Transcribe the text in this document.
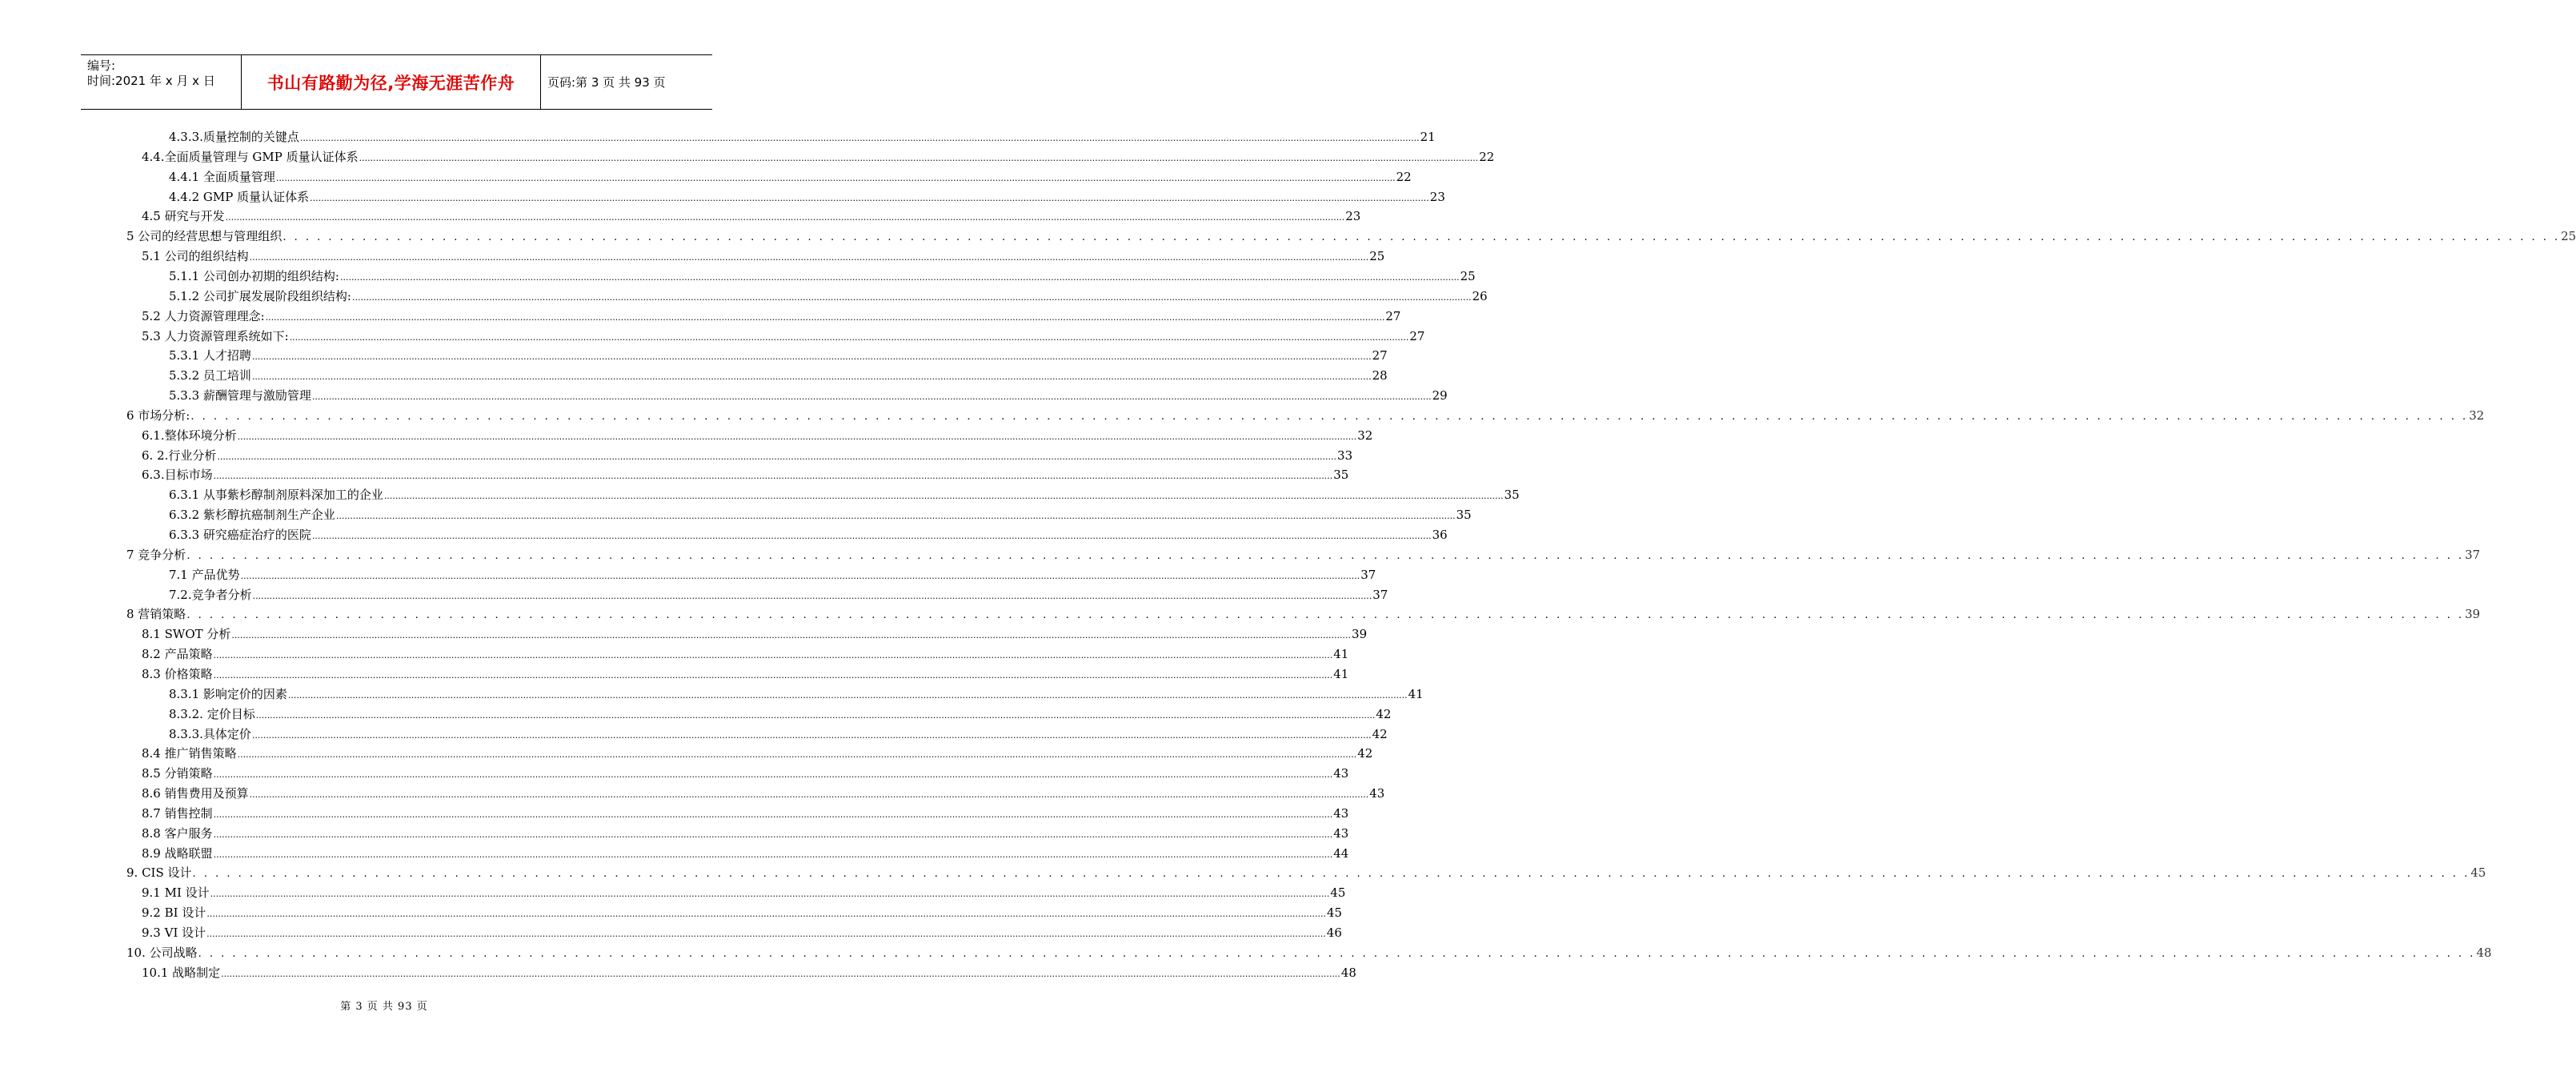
编号:
时间:2021 年 x 月 x 日	书山有路勤为径,学海无涯苦作舟	页码:第 3 页 共 93 页
4.3.3.质量控制的关键点 ................................................................................................................................................................................................................................................................................................................................................................................................................ 21
4.4.全面质量管理与 GMP 质量认证体系 ................................................................................................................................................................................................................................................................................................................................................................................................................ 22
4.4.1 全面质量管理 ................................................................................................................................................................................................................................................................................................................................................................................................................ 22
4.4.2 GMP 质量认证体系 ................................................................................................................................................................................................................................................................................................................................................................................................................ 23
4.5 研究与开发 ................................................................................................................................................................................................................................................................................................................................................................................................................ 23
5 公司的经营思想与管理组织 . . . . . . . . . . . . . . . . . . . . . . . . . . . . . . . . . . . . . . . . . . . . . . . . . . . . . . . . . . . . . . . . . . . . . . . . . . . . . . . . . . . . . . . . . . . . . . . . . . . . . . . . . . . . . . . . . . . . . . . . . . . . . . . . . . . . . . . . . . . . . . . . . . . . . . . . . . . . . . . . . . . . . . . . . . . . . . . . . . . . . . . . . . . . . . . . . . . . . . . . 25
5.1 公司的组织结构 ................................................................................................................................................................................................................................................................................................................................................................................................................ 25
5.1.1 公司创办初期的组织结构: ................................................................................................................................................................................................................................................................................................................................................................................................................ 25
5.1.2 公司扩展发展阶段组织结构: ................................................................................................................................................................................................................................................................................................................................................................................................................ 26
5.2 人力资源管理理念: ................................................................................................................................................................................................................................................................................................................................................................................................................ 27
5.3 人力资源管理系统如下: ................................................................................................................................................................................................................................................................................................................................................................................................................ 27
5.3.1 人才招聘 ................................................................................................................................................................................................................................................................................................................................................................................................................ 27
5.3.2 员工培训 ................................................................................................................................................................................................................................................................................................................................................................................................................ 28
5.3.3 薪酬管理与激励管理 ................................................................................................................................................................................................................................................................................................................................................................................................................ 29
6 市场分析: . . . . . . . . . . . . . . . . . . . . . . . . . . . . . . . . . . . . . . . . . . . . . . . . . . . . . . . . . . . . . . . . . . . . . . . . . . . . . . . . . . . . . . . . . . . . . . . . . . . . . . . . . . . . . . . . . . . . . . . . . . . . . . . . . . . . . . . . . . . . . . . . . . . . . . . . . . . . . . . . . . . . . . . . . . . . . . . . . . . . . . . . . . . . . . . . . . . . . . . . 32
6.1.整体环境分析 ................................................................................................................................................................................................................................................................................................................................................................................................................ 32
6. 2.行业分析 ................................................................................................................................................................................................................................................................................................................................................................................................................ 33
6.3.目标市场 ................................................................................................................................................................................................................................................................................................................................................................................................................ 35
6.3.1 从事紫杉醇制剂原料深加工的企业 ................................................................................................................................................................................................................................................................................................................................................................................................................ 35
6.3.2 紫杉醇抗癌制剂生产企业 ................................................................................................................................................................................................................................................................................................................................................................................................................ 35
6.3.3 研究癌症治疗的医院 ................................................................................................................................................................................................................................................................................................................................................................................................................ 36
7 竞争分析 . . . . . . . . . . . . . . . . . . . . . . . . . . . . . . . . . . . . . . . . . . . . . . . . . . . . . . . . . . . . . . . . . . . . . . . . . . . . . . . . . . . . . . . . . . . . . . . . . . . . . . . . . . . . . . . . . . . . . . . . . . . . . . . . . . . . . . . . . . . . . . . . . . . . . . . . . . . . . . . . . . . . . . . . . . . . . . . . . . . . . . . . . . . . . . . . . . . . . . . . 37
7.1 产品优势 ................................................................................................................................................................................................................................................................................................................................................................................................................ 37
7.2.竞争者分析 ................................................................................................................................................................................................................................................................................................................................................................................................................ 37
8 营销策略 . . . . . . . . . . . . . . . . . . . . . . . . . . . . . . . . . . . . . . . . . . . . . . . . . . . . . . . . . . . . . . . . . . . . . . . . . . . . . . . . . . . . . . . . . . . . . . . . . . . . . . . . . . . . . . . . . . . . . . . . . . . . . . . . . . . . . . . . . . . . . . . . . . . . . . . . . . . . . . . . . . . . . . . . . . . . . . . . . . . . . . . . . . . . . . . . . . . . . . . . 39
8.1 SWOT 分析 ................................................................................................................................................................................................................................................................................................................................................................................................................ 39
8.2 产品策略 ................................................................................................................................................................................................................................................................................................................................................................................................................ 41
8.3 价格策略 ................................................................................................................................................................................................................................................................................................................................................................................................................ 41
8.3.1 影响定价的因素 ................................................................................................................................................................................................................................................................................................................................................................................................................ 41
8.3.2. 定价目标 ................................................................................................................................................................................................................................................................................................................................................................................................................ 42
8.3.3.具体定价 ................................................................................................................................................................................................................................................................................................................................................................................................................ 42
8.4 推广销售策略 ................................................................................................................................................................................................................................................................................................................................................................................................................ 42
8.5 分销策略 ................................................................................................................................................................................................................................................................................................................................................................................................................ 43
8.6 销售费用及预算 ................................................................................................................................................................................................................................................................................................................................................................................................................ 43
8.7 销售控制 ................................................................................................................................................................................................................................................................................................................................................................................................................ 43
8.8 客户服务 ................................................................................................................................................................................................................................................................................................................................................................................................................ 43
8.9 战略联盟 ................................................................................................................................................................................................................................................................................................................................................................................................................ 44
9. CIS 设计 . . . . . . . . . . . . . . . . . . . . . . . . . . . . . . . . . . . . . . . . . . . . . . . . . . . . . . . . . . . . . . . . . . . . . . . . . . . . . . . . . . . . . . . . . . . . . . . . . . . . . . . . . . . . . . . . . . . . . . . . . . . . . . . . . . . . . . . . . . . . . . . . . . . . . . . . . . . . . . . . . . . . . . . . . . . . . . . . . . . . . . . . . . . . . . . . . . . . . . . . 45
9.1 MI 设计 ................................................................................................................................................................................................................................................................................................................................................................................................................ 45
9.2 BI 设计 ................................................................................................................................................................................................................................................................................................................................................................................................................ 45
9.3 VI 设计 ................................................................................................................................................................................................................................................................................................................................................................................................................ 46
10. 公司战略 . . . . . . . . . . . . . . . . . . . . . . . . . . . . . . . . . . . . . . . . . . . . . . . . . . . . . . . . . . . . . . . . . . . . . . . . . . . . . . . . . . . . . . . . . . . . . . . . . . . . . . . . . . . . . . . . . . . . . . . . . . . . . . . . . . . . . . . . . . . . . . . . . . . . . . . . . . . . . . . . . . . . . . . . . . . . . . . . . . . . . . . . . . . . . . . . . . . . . . . . 48
10.1 战略制定 ................................................................................................................................................................................................................................................................................................................................................................................................................ 48
第 3 页 共 93 页
